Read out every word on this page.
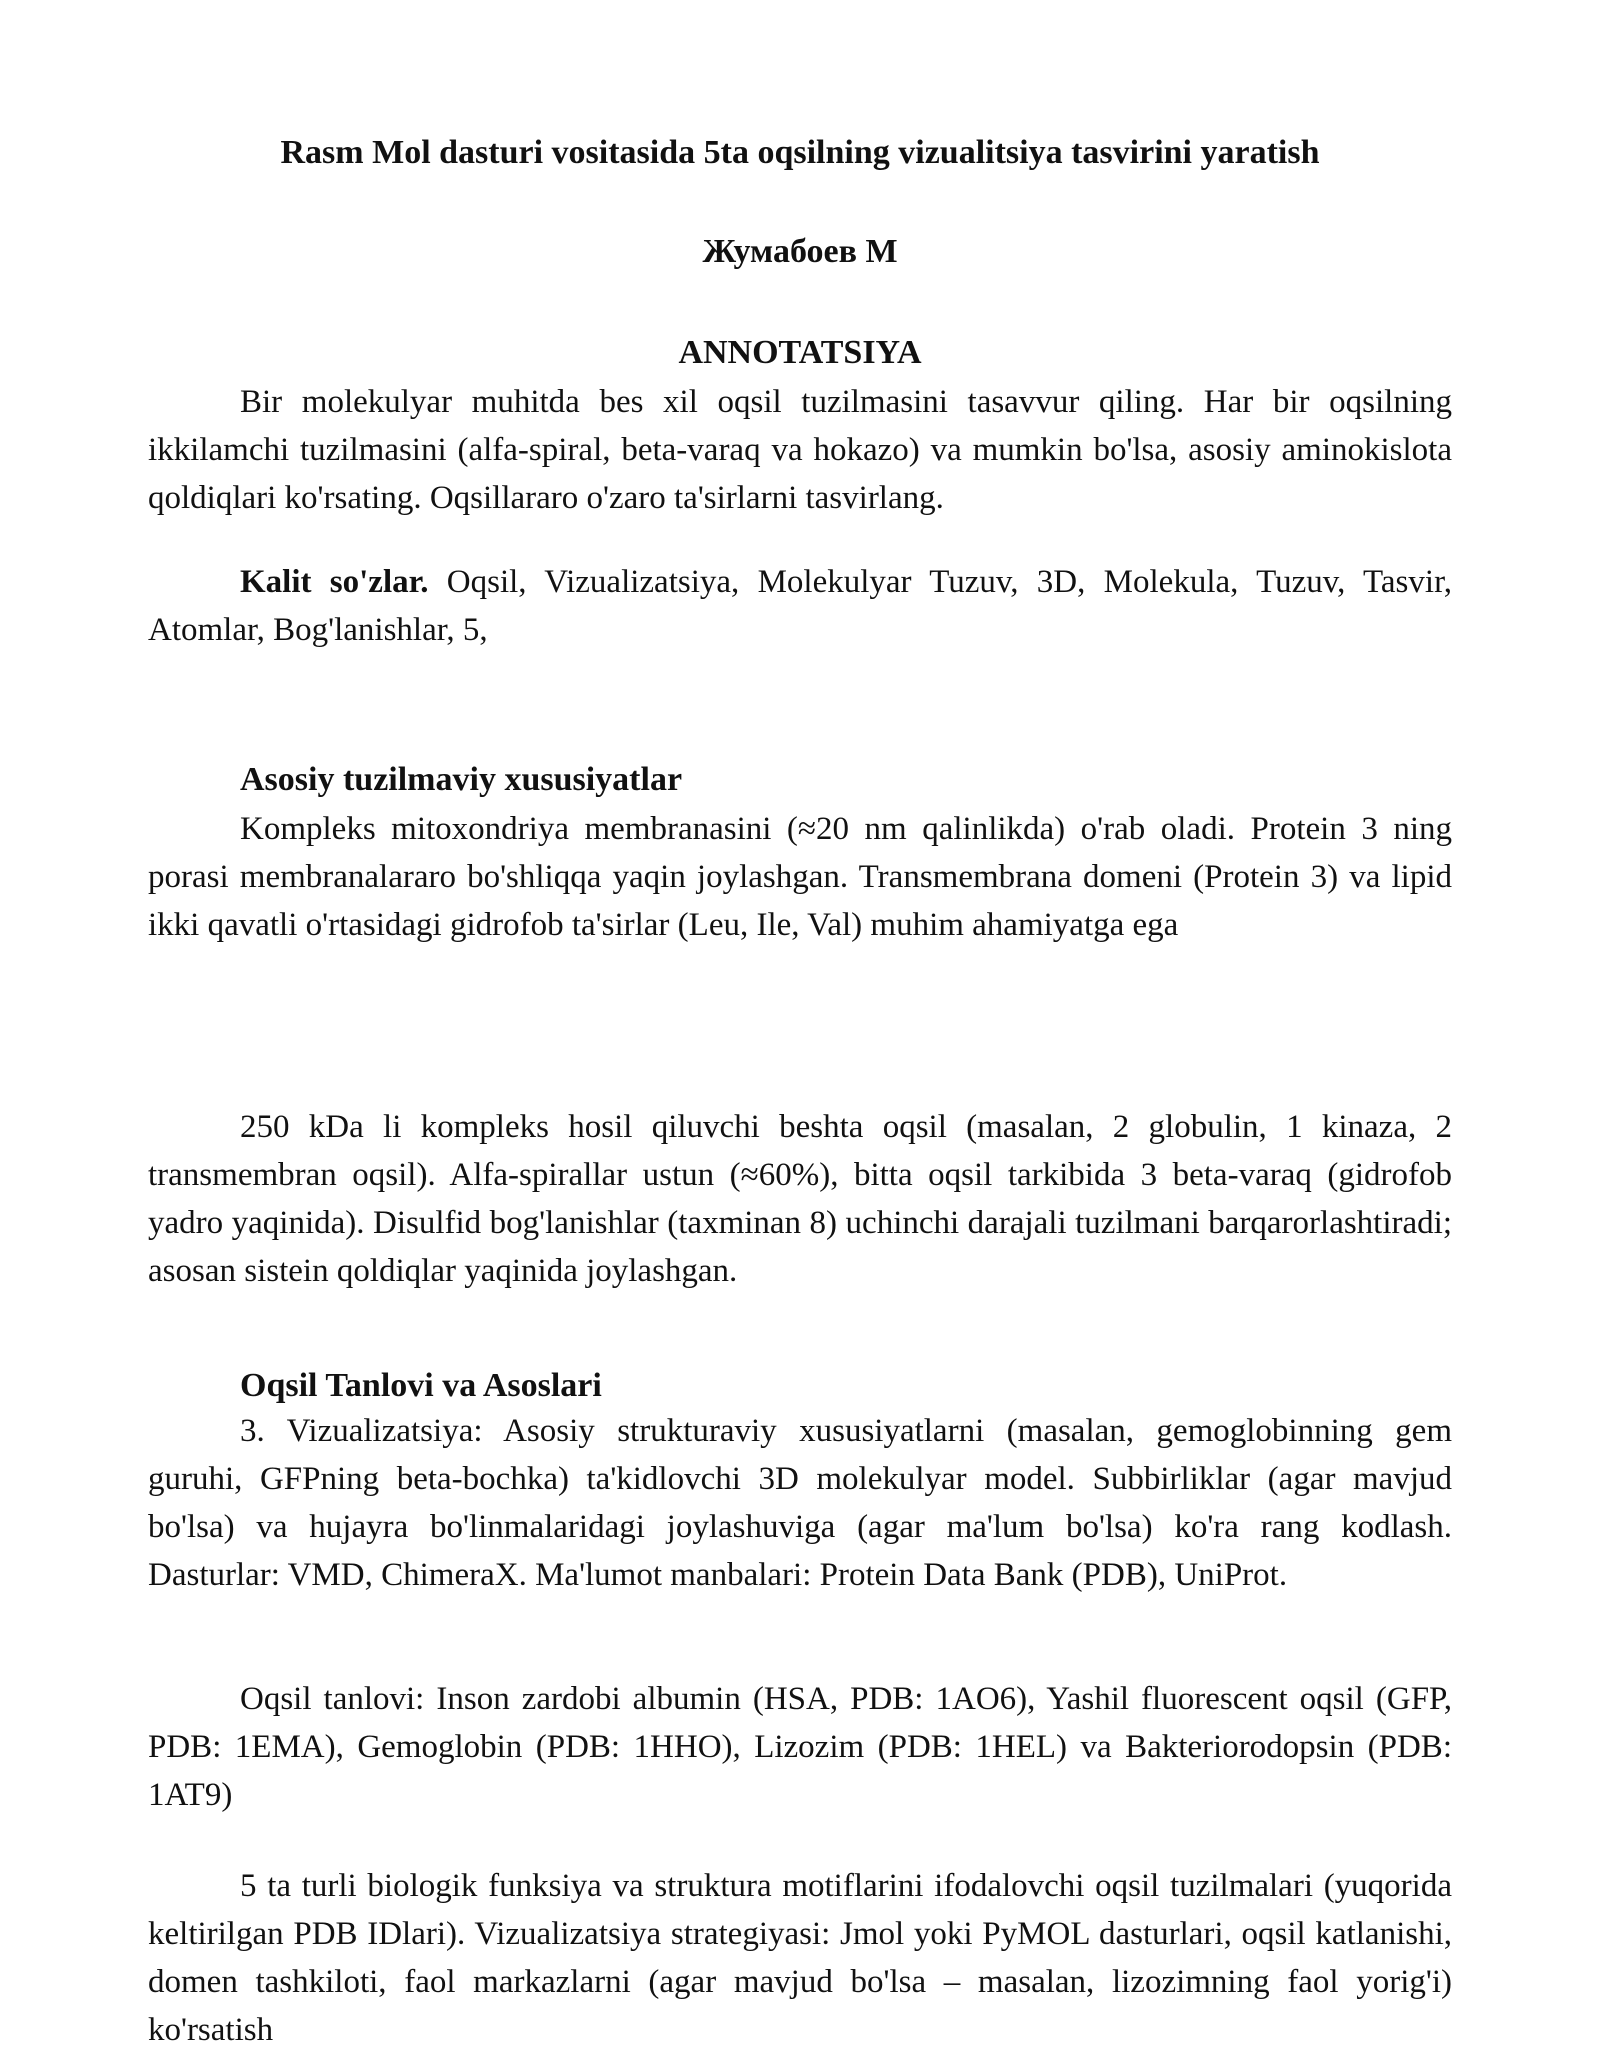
Rasm Mol dasturi vositasida 5ta oqsilning vizualitsiya tasvirini yaratish
Жумабоев М
ANNOTATSIYA
Bir molekulyar muhitda bes xil oqsil tuzilmasini tasavvur qiling. Har bir oqsilning ikkilamchi tuzilmasini (alfa-spiral, beta-varaq va hokazo) va mumkin bo'lsa, asosiy aminokislota qoldiqlari ko'rsating. Oqsillararo o'zaro ta'sirlarni tasvirlang.
Kalit so'zlar. Oqsil, Vizualizatsiya, Molekulyar Tuzuv, 3D, Molekula, Tuzuv, Tasvir, Atomlar, Bog'lanishlar, 5,
Asosiy tuzilmaviy xususiyatlar
Kompleks mitoxondriya membranasini (≈20 nm qalinlikda) o'rab oladi. Protein 3 ning porasi membranalararo bo'shliqqa yaqin joylashgan. Transmembrana domeni (Protein 3) va lipid ikki qavatli o'rtasidagi gidrofob ta'sirlar (Leu, Ile, Val) muhim ahamiyatga ega
250 kDa li kompleks hosil qiluvchi beshta oqsil (masalan, 2 globulin, 1 kinaza, 2 transmembran oqsil). Alfa-spirallar ustun (≈60%), bitta oqsil tarkibida 3 beta-varaq (gidrofob yadro yaqinida). Disulfid bog'lanishlar (taxminan 8) uchinchi darajali tuzilmani barqarorlashtiradi; asosan sistein qoldiqlar yaqinida joylashgan.
Oqsil Tanlovi va Asoslari
3. Vizualizatsiya: Asosiy strukturaviy xususiyatlarni (masalan, gemoglobinning gem guruhi, GFPning beta-bochka) ta'kidlovchi 3D molekulyar model. Subbirliklar (agar mavjud bo'lsa) va hujayra bo'linmalaridagi joylashuviga (agar ma'lum bo'lsa) ko'ra rang kodlash. Dasturlar: VMD, ChimeraX. Ma'lumot manbalari: Protein Data Bank (PDB), UniProt.
Oqsil tanlovi: Inson zardobi albumin (HSA, PDB: 1AO6), Yashil fluorescent oqsil (GFP, PDB: 1EMA), Gemoglobin (PDB: 1HHO), Lizozim (PDB: 1HEL) va Bakteriorodopsin (PDB: 1AT9)
5 ta turli biologik funksiya va struktura motiflarini ifodalovchi oqsil tuzilmalari (yuqorida keltirilgan PDB IDlari). Vizualizatsiya strategiyasi: Jmol yoki PyMOL dasturlari, oqsil katlanishi, domen tashkiloti, faol markazlarni (agar mavjud bo'lsa – masalan, lizozimning faol yorig'i) ko'rsatish
